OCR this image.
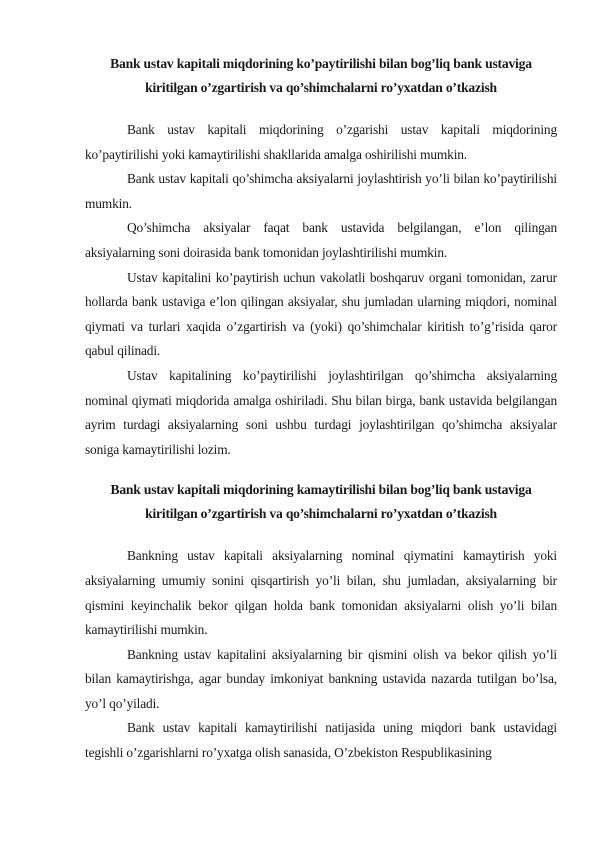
Bank ustav kapitali miqdorining ko’paytirilishi bilan bog’liq bank ustaviga
kiritilgan o’zgartirish va qo’shimchalarni ro’yxatdan o’tkazish

Bank ustav kapitali miqdorining o’zgarishi ustav kapitali miqdorining ko’paytirilishi yoki kamaytirilishi shakllarida amalga oshirilishi mumkin.

Bank ustav kapitali qo’shimcha aksiyalarni joylashtirish yo’li bilan ko’paytirilishi mumkin.

Qo’shimcha aksiyalar faqat bank ustavida belgilangan, e’lon qilingan aksiyalarning soni doirasida bank tomonidan joylashtirilishi mumkin.

Ustav kapitalini ko’paytirish uchun vakolatli boshqaruv organi tomonidan, zarur hollarda bank ustaviga e’lon qilingan aksiyalar, shu jumladan ularning miqdori, nominal qiymati va turlari xaqida o’zgartirish va (yoki) qo’shimchalar kiritish to’g’risida qaror qabul qilinadi.

Ustav kapitalining ko’paytirilishi joylashtirilgan qo’shimcha aksiyalarning nominal qiymati miqdorida amalga oshiriladi. Shu bilan birga, bank ustavida belgilangan ayrim turdagi aksiyalarning soni ushbu turdagi joylashtirilgan qo’shimcha aksiyalar soniga kamaytirilishi lozim.

Bank ustav kapitali miqdorining kamaytirilishi bilan bog’liq bank ustaviga
kiritilgan o’zgartirish va qo’shimchalarni ro’yxatdan o’tkazish

Bankning ustav kapitali aksiyalarning nominal qiymatini kamaytirish yoki aksiyalarning umumiy sonini qisqartirish yo’li bilan, shu jumladan, aksiyalarning bir qismini keyinchalik bekor qilgan holda bank tomonidan aksiyalarni olish yo’li bilan kamaytirilishi mumkin.

Bankning ustav kapitalini aksiyalarning bir qismini olish va bekor qilish yo’li bilan kamaytirishga, agar bunday imkoniyat bankning ustavida nazarda tutilgan bo’lsa, yo’l qo’yiladi.

Bank ustav kapitali kamaytirilishi natijasida uning miqdori bank ustavidagi tegishli o’zgarishlarni ro’yxatga olish sanasida, O’zbekiston Respublikasining
